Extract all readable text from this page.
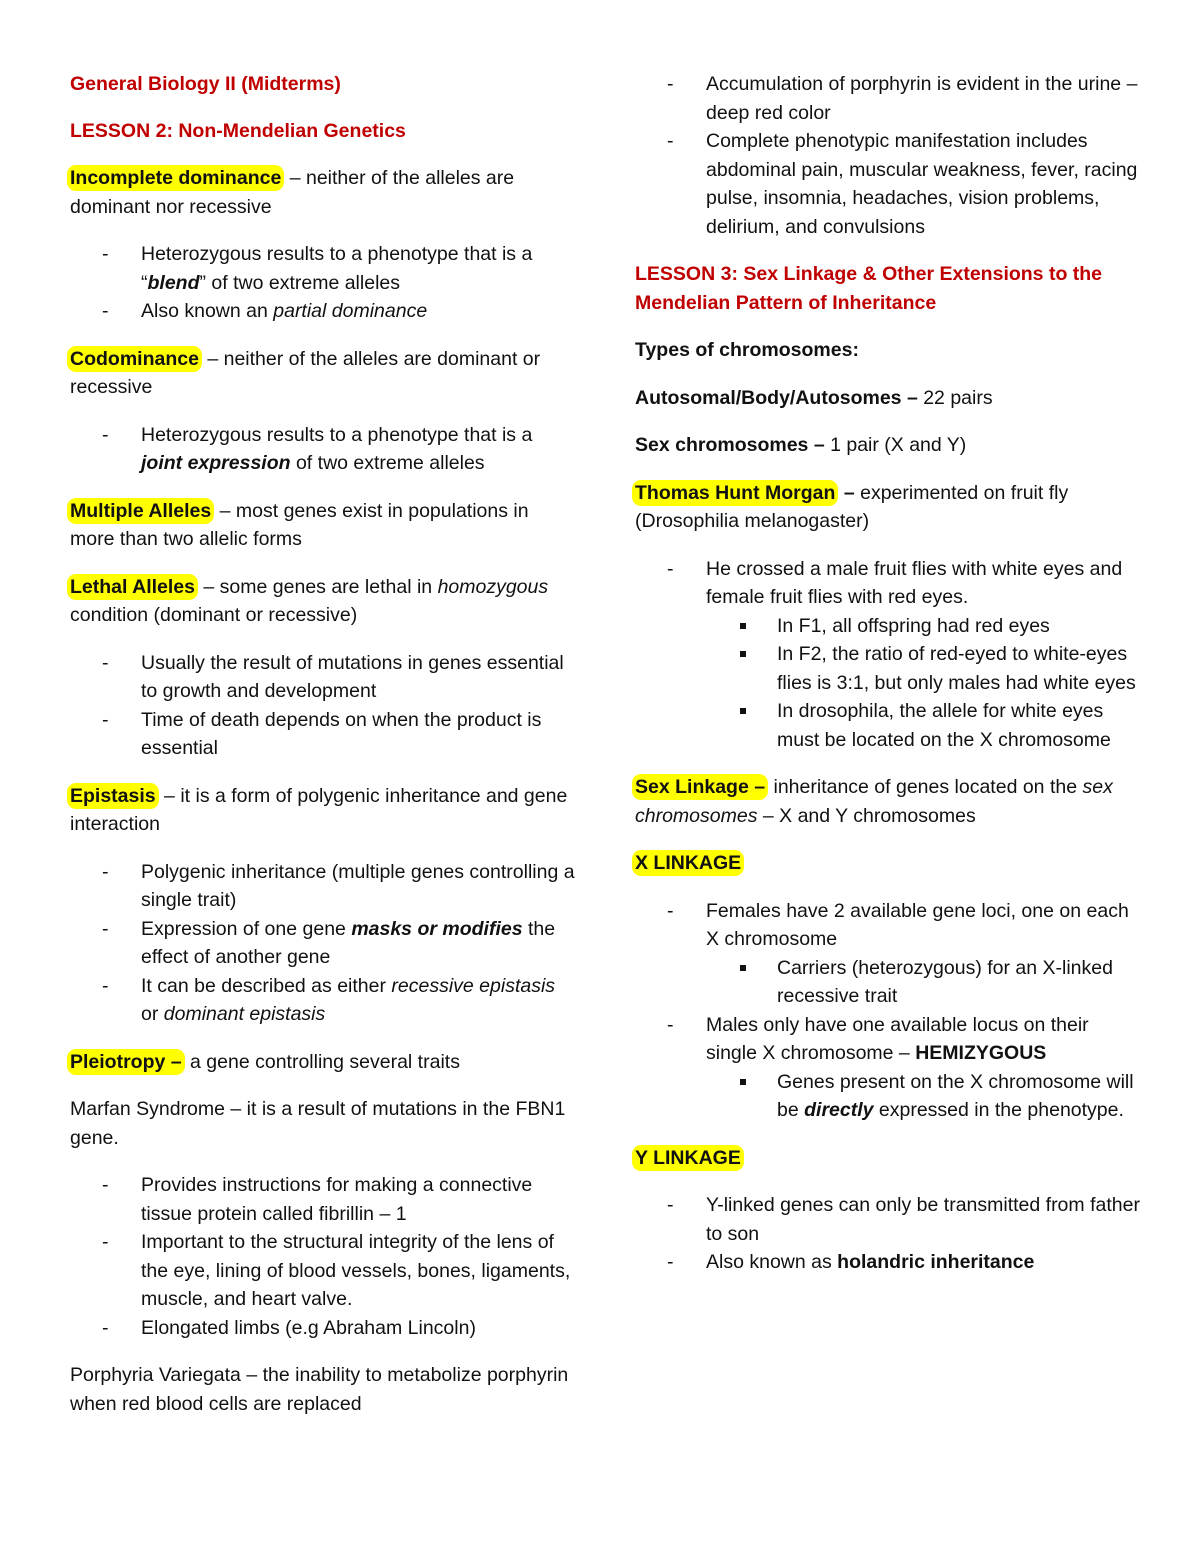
General Biology II (Midterms)

LESSON 2: Non-Mendelian Genetics

Incomplete dominance – neither of the alleles are dominant nor recessive

- Heterozygous results to a phenotype that is a “blend” of two extreme alleles
- Also known an partial dominance

Codominance – neither of the alleles are dominant or recessive

- Heterozygous results to a phenotype that is a joint expression of two extreme alleles

Multiple Alleles – most genes exist in populations in more than two allelic forms

Lethal Alleles – some genes are lethal in homozygous condition (dominant or recessive)

- Usually the result of mutations in genes essential to growth and development
- Time of death depends on when the product is essential

Epistasis – it is a form of polygenic inheritance and gene interaction

- Polygenic inheritance (multiple genes controlling a single trait)
- Expression of one gene masks or modifies the effect of another gene
- It can be described as either recessive epistasis or dominant epistasis

Pleiotropy – a gene controlling several traits

Marfan Syndrome – it is a result of mutations in the FBN1 gene.

- Provides instructions for making a connective tissue protein called fibrillin – 1
- Important to the structural integrity of the lens of the eye, lining of blood vessels, bones, ligaments, muscle, and heart valve.
- Elongated limbs (e.g Abraham Lincoln)

Porphyria Variegata – the inability to metabolize porphyrin when red blood cells are replaced

- Accumulation of porphyrin is evident in the urine – deep red color
- Complete phenotypic manifestation includes abdominal pain, muscular weakness, fever, racing pulse, insomnia, headaches, vision problems, delirium, and convulsions

LESSON 3: Sex Linkage & Other Extensions to the Mendelian Pattern of Inheritance

Types of chromosomes:

Autosomal/Body/Autosomes – 22 pairs

Sex chromosomes – 1 pair (X and Y)

Thomas Hunt Morgan – experimented on fruit fly (Drosophilia melanogaster)

- He crossed a male fruit flies with white eyes and female fruit flies with red eyes.
In F1, all offspring had red eyes
In F2, the ratio of red-eyed to white-eyes flies is 3:1, but only males had white eyes
In drosophila, the allele for white eyes must be located on the X chromosome

Sex Linkage – inheritance of genes located on the sex chromosomes – X and Y chromosomes

X LINKAGE

- Females have 2 available gene loci, one on each X chromosome
Carriers (heterozygous) for an X-linked recessive trait
- Males only have one available locus on their single X chromosome – HEMIZYGOUS
Genes present on the X chromosome will be directly expressed in the phenotype.

Y LINKAGE

- Y-linked genes can only be transmitted from father to son
- Also known as holandric inheritance
